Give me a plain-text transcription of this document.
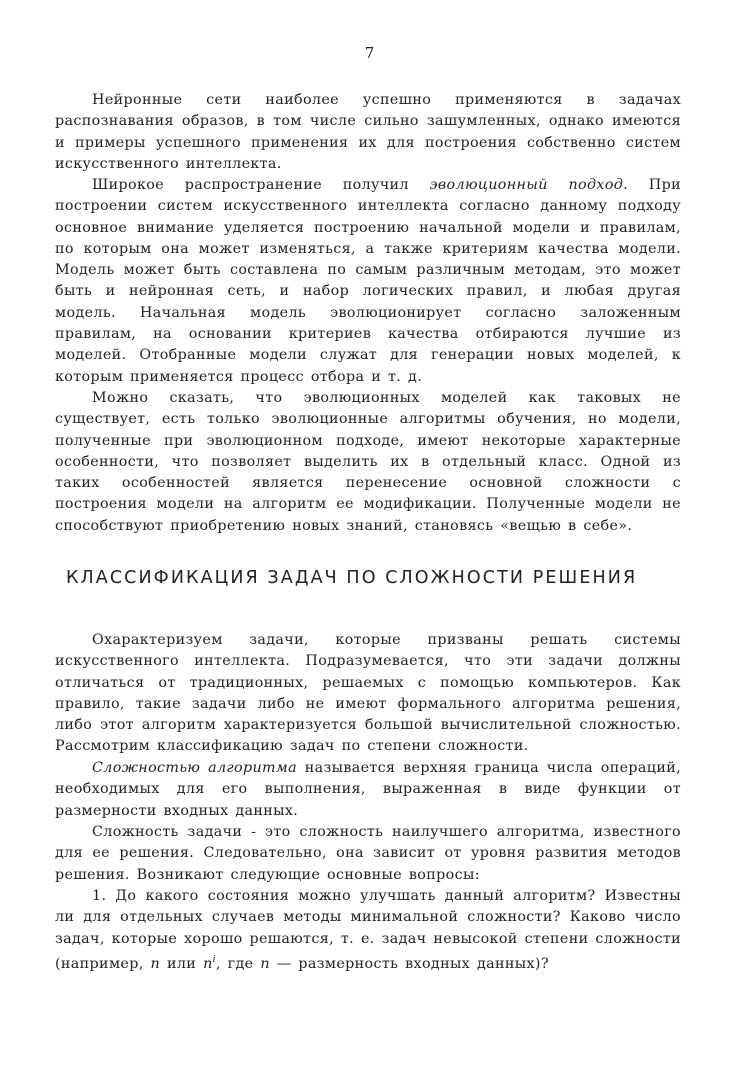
7

Нейронные сети наиболее успешно применяются в задачах распознавания образов, в том числе сильно зашумленных, однако имеются и примеры успешного применения их для построения собственно систем искусственного интеллекта.

Широкое распространение получил эволюционный подход. При построении систем искусственного интеллекта согласно данному подходу основное внимание уделяется построению начальной модели и правилам, по которым она может изменяться, а также критериям качества модели. Модель может быть составлена по самым различным методам, это может быть и нейронная сеть, и набор логических правил, и любая другая модель. Начальная модель эволюционирует согласно заложенным правилам, на основании критериев качества отбираются лучшие из моделей. Отобранные модели служат для генерации новых моделей, к которым применяется процесс отбора и т. д.

Можно сказать, что эволюционных моделей как таковых не существует, есть только эволюционные алгоритмы обучения, но модели, полученные при эволюционном подходе, имеют некоторые характерные особенности, что позволяет выделить их в отдельный класс. Одной из таких особенностей является перенесение основной сложности с построения модели на алгоритм ее модификации. Полученные модели не способствуют приобретению новых знаний, становясь «вещью в себе».

КЛАССИФИКАЦИЯ ЗАДАЧ ПО СЛОЖНОСТИ РЕШЕНИЯ

Охарактеризуем задачи, которые призваны решать системы искусственного интеллекта. Подразумевается, что эти задачи должны отличаться от традиционных, решаемых с помощью компьютеров. Как правило, такие задачи либо не имеют формального алгоритма решения, либо этот алгоритм характеризуется большой вычислительной сложностью. Рассмотрим классификацию задач по степени сложности.

Сложностью алгоритма называется верхняя граница числа операций, необходимых для его выполнения, выраженная в виде функции от размерности входных данных.

Сложность задачи - это сложность наилучшего алгоритма, известного для ее решения. Следовательно, она зависит от уровня развития методов решения. Возникают следующие основные вопросы:

1. До какого состояния можно улучшать данный алгоритм? Известны ли для отдельных случаев методы минимальной сложности? Каково число задач, которые хорошо решаются, т. е. задач невысокой степени сложности (например, n или $n^i$, где n — размерность входных данных)?
